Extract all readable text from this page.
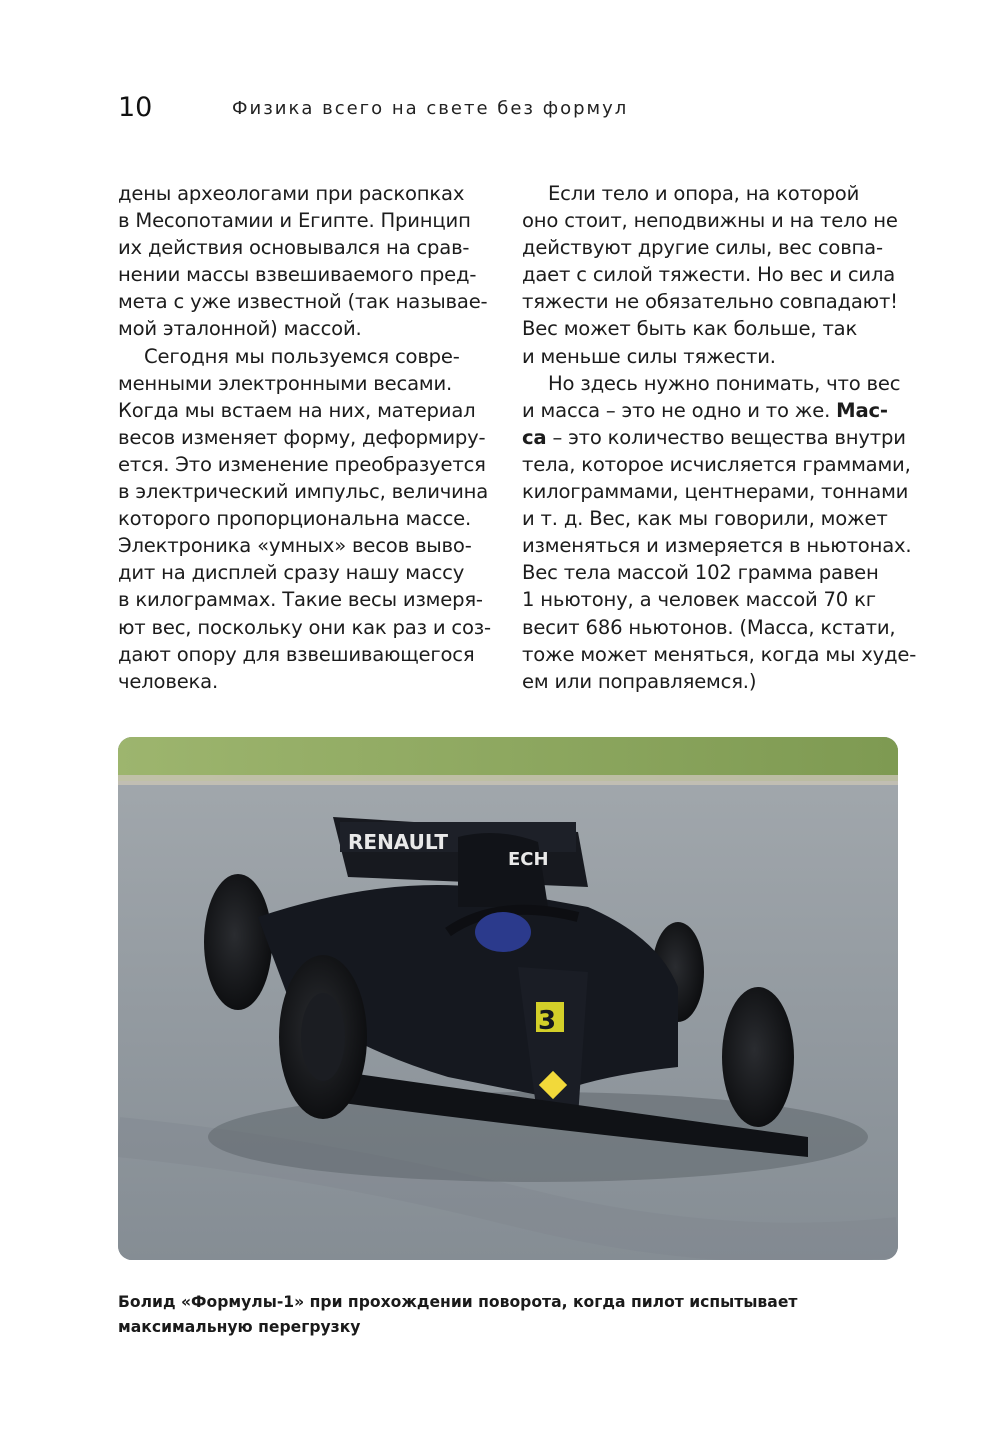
10	Физика всего на свете без формул
дены археологами при раскопках
в Месопотамии и Египте. Принцип
их действия основывался на срав-
нении массы взвешиваемого пред-
мета с уже известной (так называе-
мой эталонной) массой.
Сегодня мы пользуемся совре-
менными электронными весами.
Когда мы встаем на них, материал
весов изменяет форму, деформиру-
ется. Это изменение преобразуется
в электрический импульс, величина
которого пропорциональна массе.
Электроника «умных» весов выво-
дит на дисплей сразу нашу массу
в килограммах. Такие весы измеря-
ют вес, поскольку они как раз и соз-
дают опору для взвешивающегося
человека.
Если тело и опора, на которой
оно стоит, неподвижны и на тело не
действуют другие силы, вес совпа-
дает с силой тяжести. Но вес и сила
тяжести не обязательно совпадают!
Вес может быть как больше, так
и меньше силы тяжести.
Но здесь нужно понимать, что вес
и масса – это не одно и то же. Мас-
са – это количество вещества внутри
тела, которое исчисляется граммами,
килограммами, центнерами, тоннами
и т. д. Вес, как мы говорили, может
изменяться и измеряется в ньютонах.
Вес тела массой 102 грамма равен
1 ньютону, а человек массой 70 кг
весит 686 ньютонов. (Масса, кстати,
тоже может меняться, когда мы худе-
ем или поправляемся.)
RENAULT
ECH
3
Болид «Формулы-1» при прохождении поворота, когда пилот испытывает максимальную перегрузку
